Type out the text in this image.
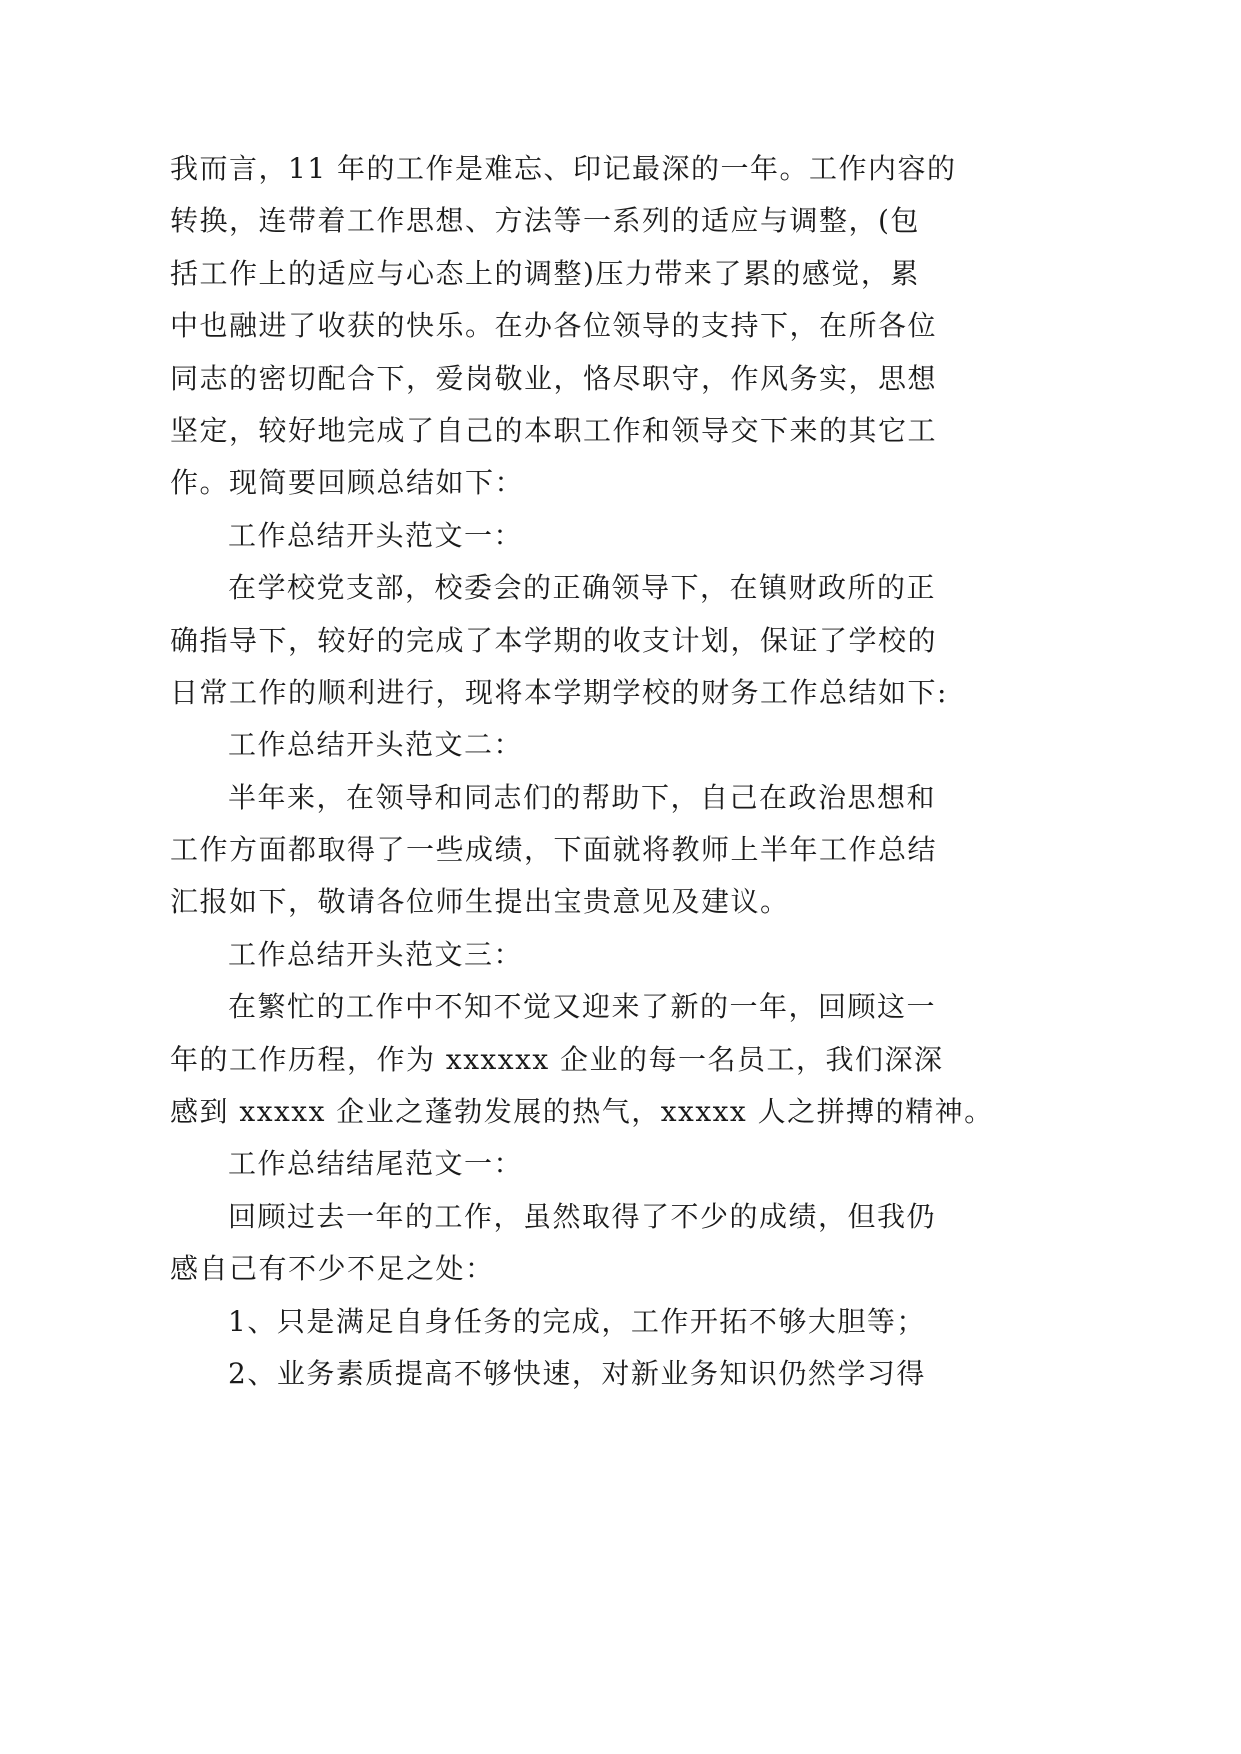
我而言，11 年的工作是难忘、印记最深的一年。工作内容的
转换，连带着工作思想、方法等一系列的适应与调整，(包
括工作上的适应与心态上的调整)压力带来了累的感觉，累
中也融进了收获的快乐。在办各位领导的支持下，在所各位
同志的密切配合下，爱岗敬业，恪尽职守，作风务实，思想
坚定，较好地完成了自己的本职工作和领导交下来的其它工
作。现简要回顾总结如下：
工作总结开头范文一：
在学校党支部，校委会的正确领导下，在镇财政所的正
确指导下，较好的完成了本学期的收支计划，保证了学校的
日常工作的顺利进行，现将本学期学校的财务工作总结如下:
工作总结开头范文二：
半年来，在领导和同志们的帮助下，自己在政治思想和
工作方面都取得了一些成绩，下面就将教师上半年工作总结
汇报如下，敬请各位师生提出宝贵意见及建议。
工作总结开头范文三：
在繁忙的工作中不知不觉又迎来了新的一年，回顾这一
年的工作历程，作为 xxxxxx 企业的每一名员工，我们深深
感到 xxxxx 企业之蓬勃发展的热气，xxxxx 人之拼搏的精神。
工作总结结尾范文一：
回顾过去一年的工作，虽然取得了不少的成绩，但我仍
感自己有不少不足之处：
1、只是满足自身任务的完成，工作开拓不够大胆等；
2、业务素质提高不够快速，对新业务知识仍然学习得
